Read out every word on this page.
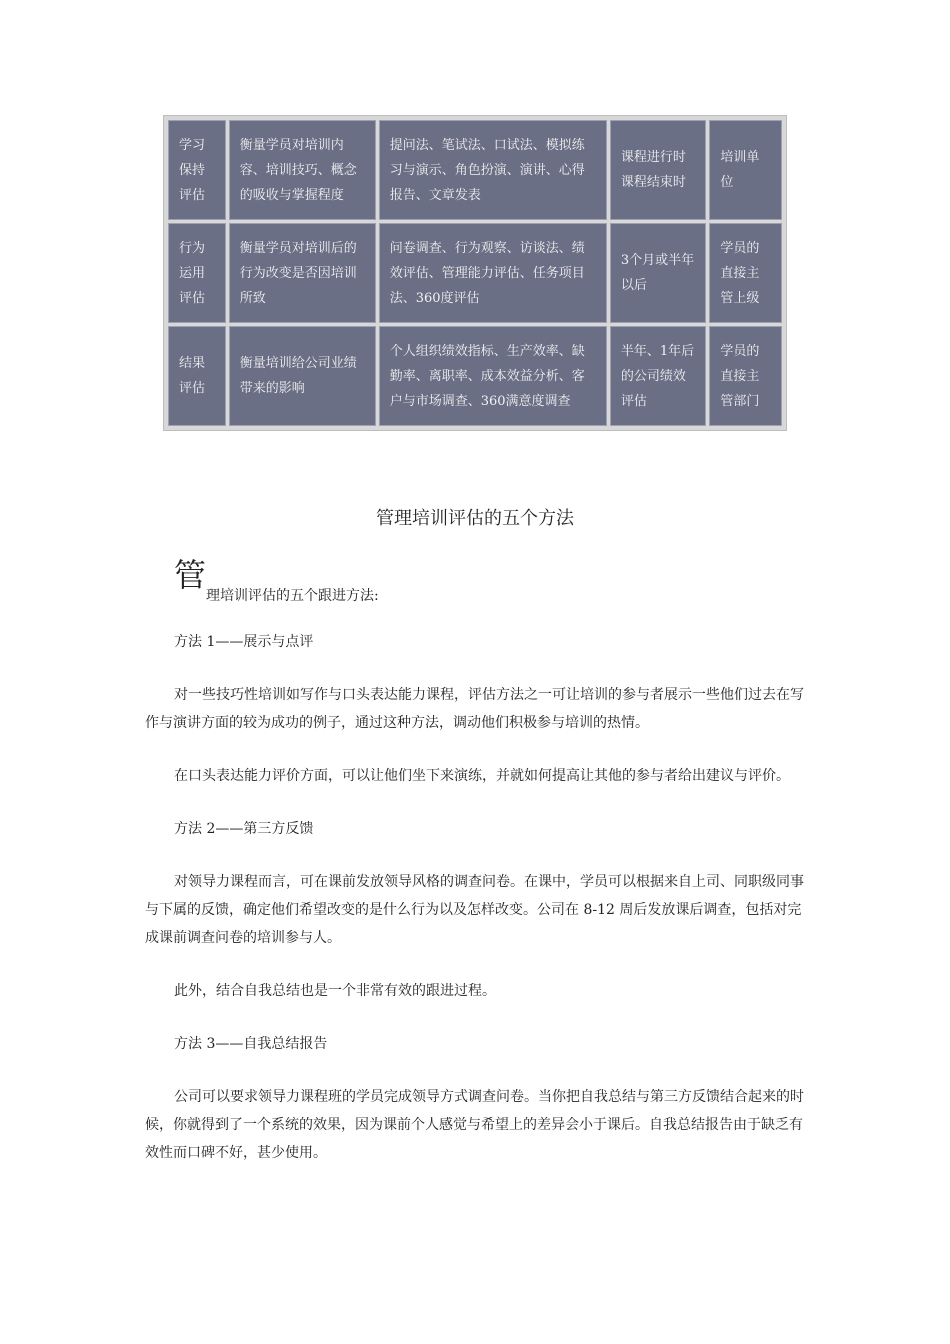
学习保持评估	衡量学员对培训内容、培训技巧、概念的吸收与掌握程度	提问法、笔试法、口试法、模拟练习与演示、角色扮演、演讲、心得报告、文章发表	课程进行时课程结束时	培训单位
行为运用评估	衡量学员对培训后的行为改变是否因培训所致	问卷调查、行为观察、访谈法、绩效评估、管理能力评估、任务项目法、360度评估	3个月或半年以后	学员的直接主管上级
结果评估	衡量培训给公司业绩带来的影响	个人组织绩效指标、生产效率、缺勤率、离职率、成本效益分析、客户与市场调查、360满意度调查	半年、1年后的公司绩效评估	学员的直接主管部门
管理培训评估的五个方法
管理培训评估的五个跟进方法:

方法 1——展示与点评

对一些技巧性培训如写作与口头表达能力课程，评估方法之一可让培训的参与者展示一些他们过去在写作与演讲方面的较为成功的例子，通过这种方法，调动他们积极参与培训的热情。

在口头表达能力评价方面，可以让他们坐下来演练，并就如何提高让其他的参与者给出建议与评价。

方法 2——第三方反馈

对领导力课程而言，可在课前发放领导风格的调查问卷。在课中，学员可以根据来自上司、同职级同事与下属的反馈，确定他们希望改变的是什么行为以及怎样改变。公司在 8-12 周后发放课后调查，包括对完成课前调查问卷的培训参与人。

此外，结合自我总结也是一个非常有效的跟进过程。

方法 3——自我总结报告

公司可以要求领导力课程班的学员完成领导方式调查问卷。当你把自我总结与第三方反馈结合起来的时候，你就得到了一个系统的效果，因为课前个人感觉与希望上的差异会小于课后。自我总结报告由于缺乏有效性而口碑不好，甚少使用。
